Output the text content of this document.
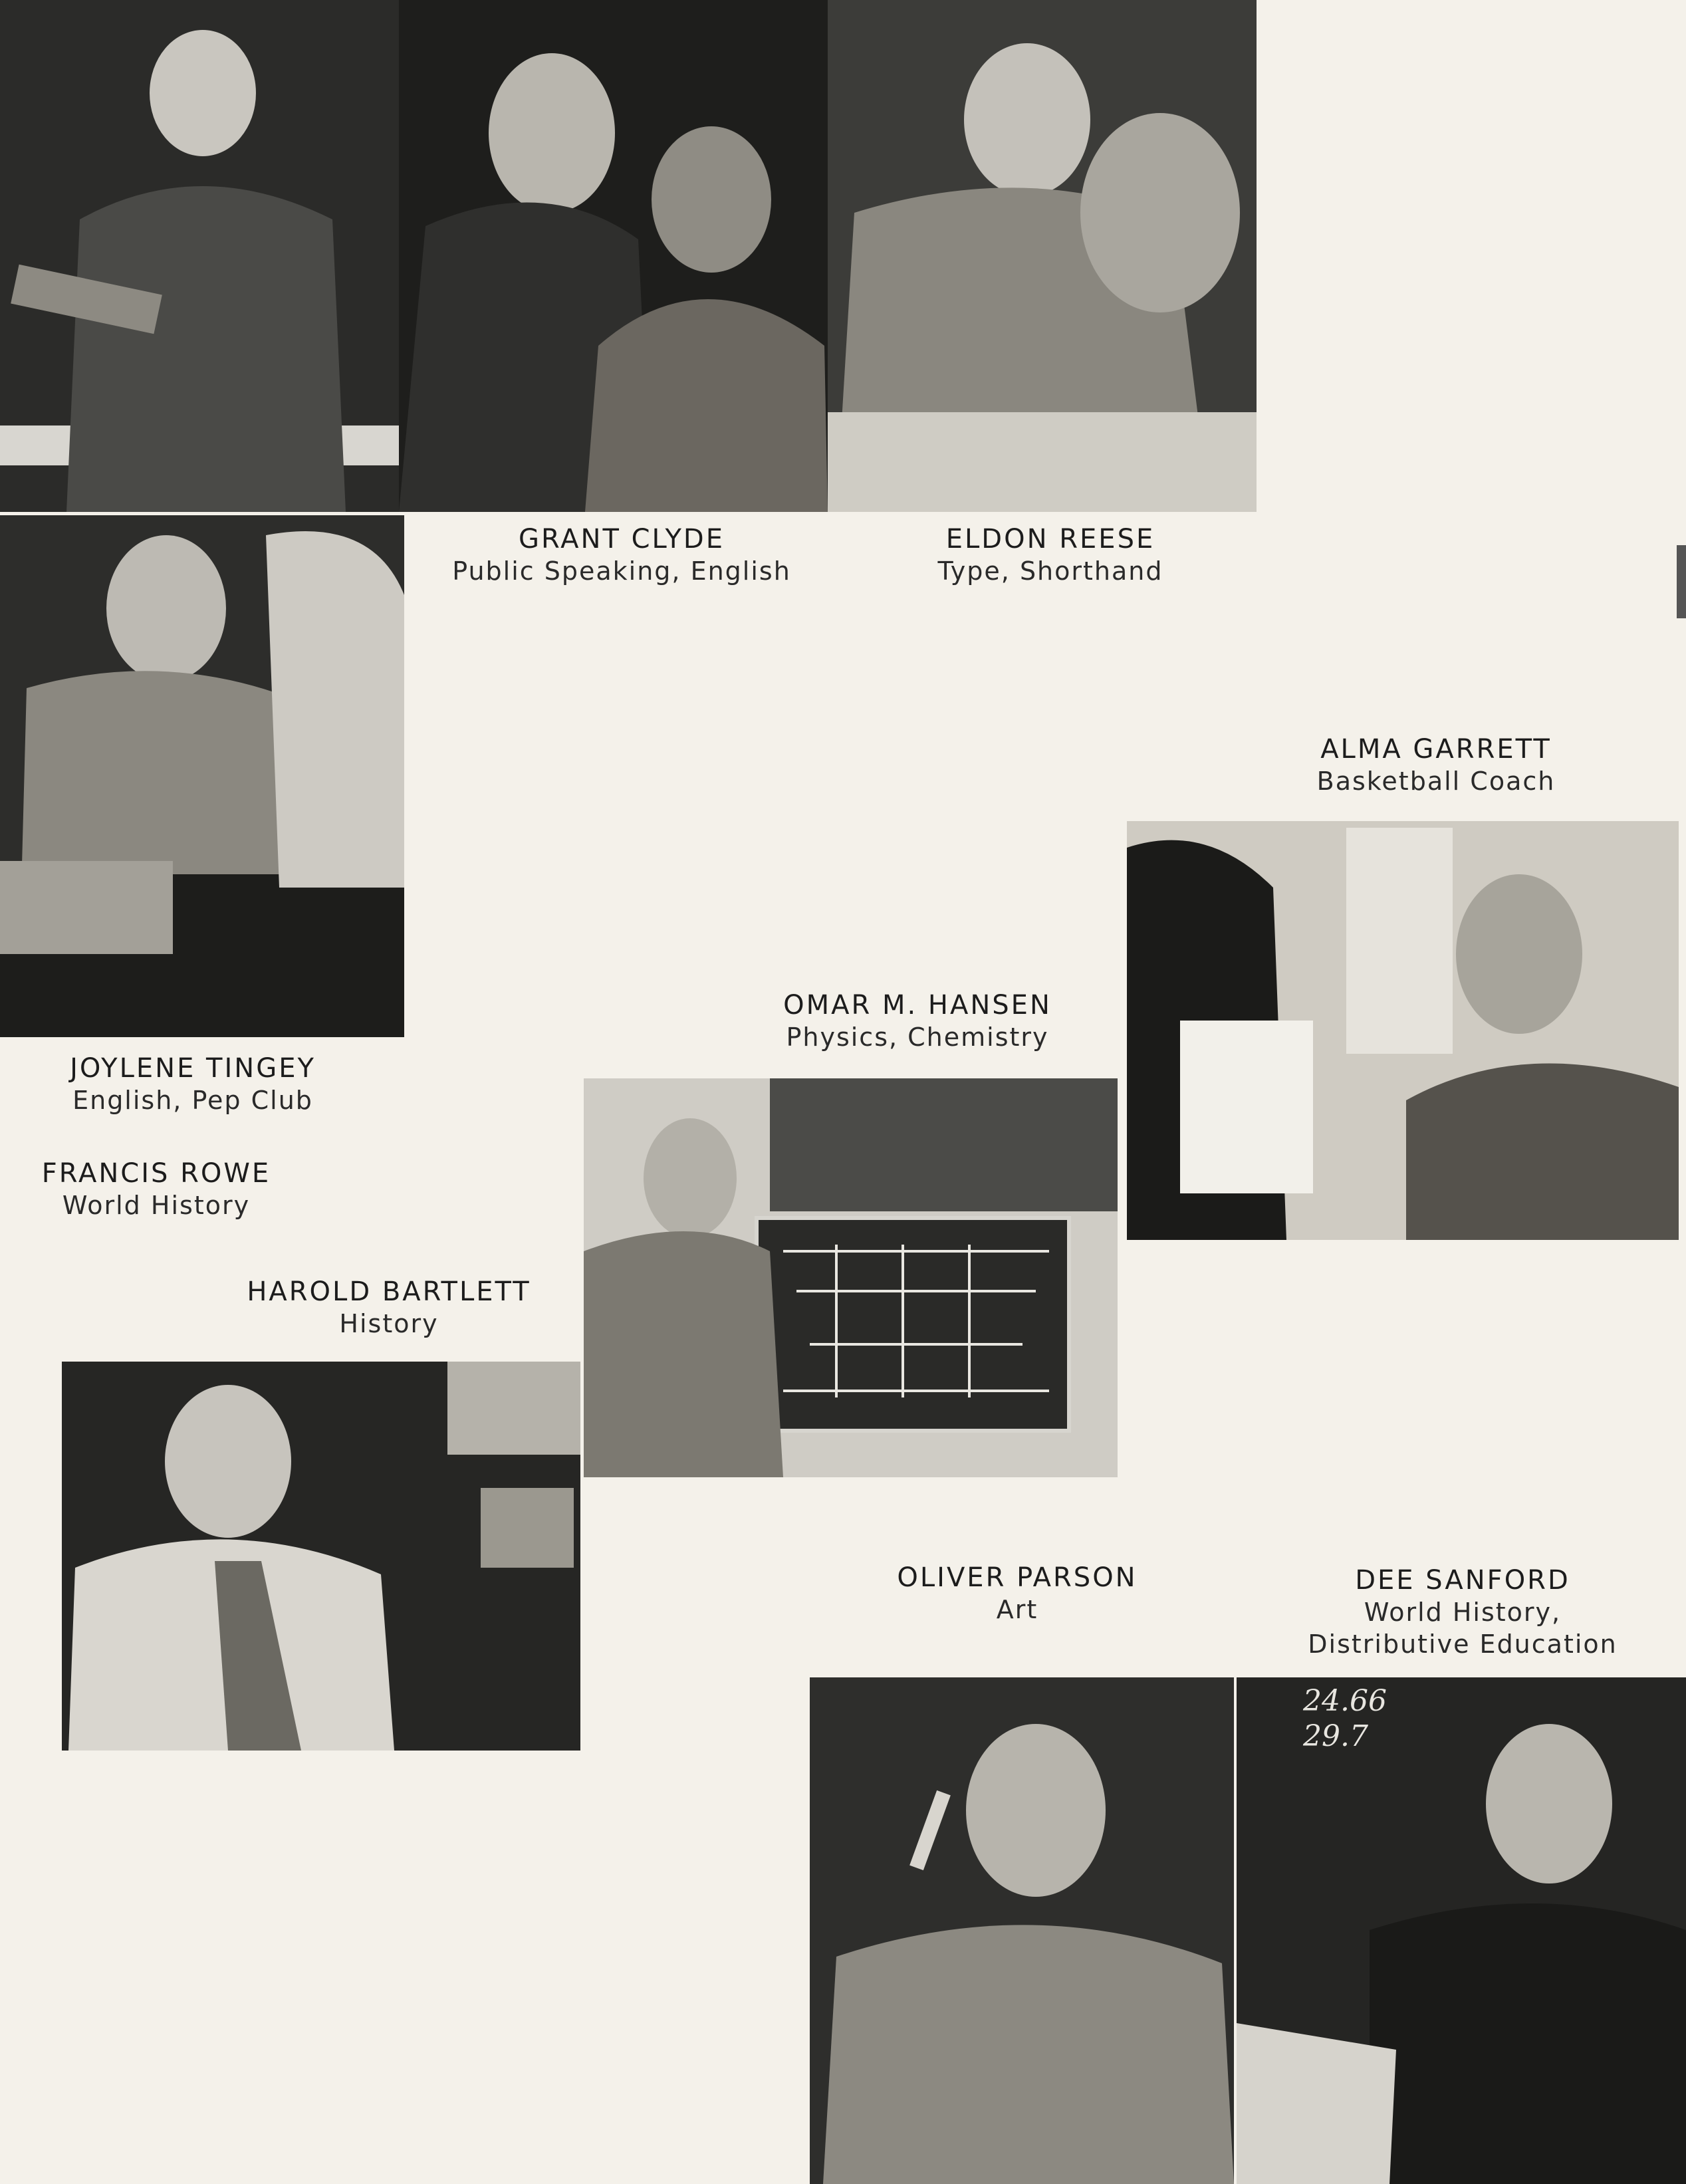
24.66
29.7
GRANT CLYDE
Public Speaking, English
ELDON REESE
Type, Shorthand
ALMA GARRETT
Basketball Coach
OMAR M. HANSEN
Physics, Chemistry
JOYLENE TINGEY
English, Pep Club
FRANCIS ROWE
World History
HAROLD BARTLETT
History
OLIVER PARSON
Art
DEE SANFORD
World History,
Distributive Education
